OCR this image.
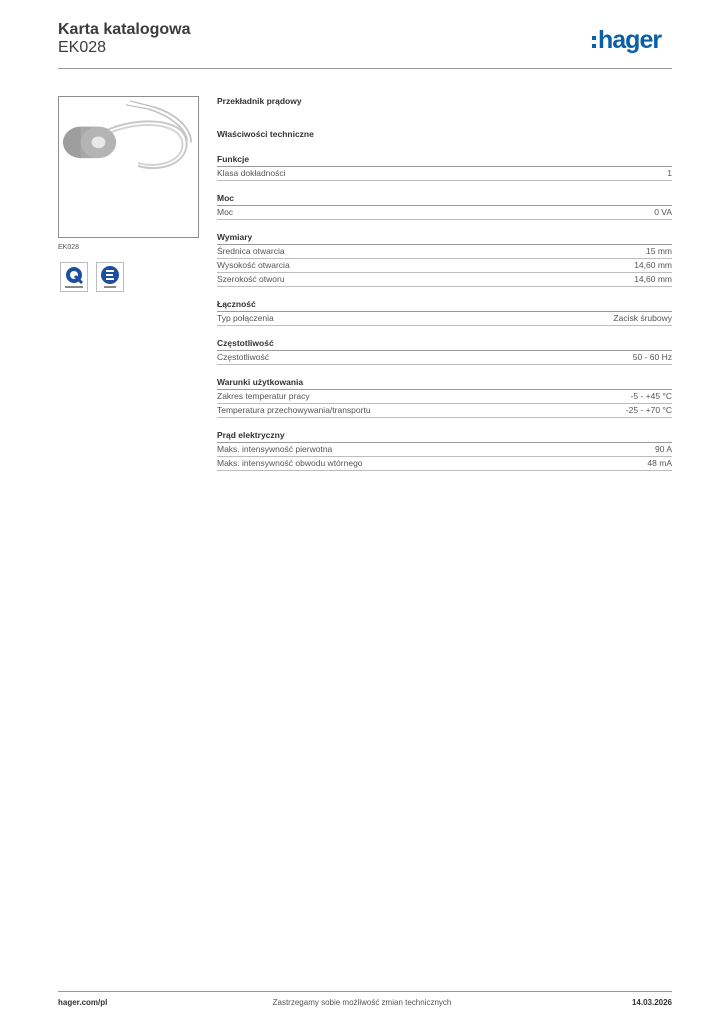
Karta katalogowa
EK028	hager
EK028
Przekładnik prądowy
Właściwości techniczne
Funkcje
Klasa dokładności	1
Moc
Moc	0 VA
Wymiary
Średnica otwarcia	15 mm
Wysokość otwarcia	14,60 mm
Szerokość otworu	14,60 mm
Łączność
Typ połączenia	Zacisk śrubowy
Częstotliwość
Częstotliwość	50 - 60 Hz
Warunki użytkowania
Zakres temperatur pracy	-5 - +45 °C
Temperatura przechowywania/transportu	-25 - +70 °C
Prąd elektryczny
Maks. intensywność pierwotna	90 A
Maks. intensywność obwodu wtórnego	48 mA
hager.com/pl	Zastrzegamy sobie możliwość zmian technicznych	14.03.2026
